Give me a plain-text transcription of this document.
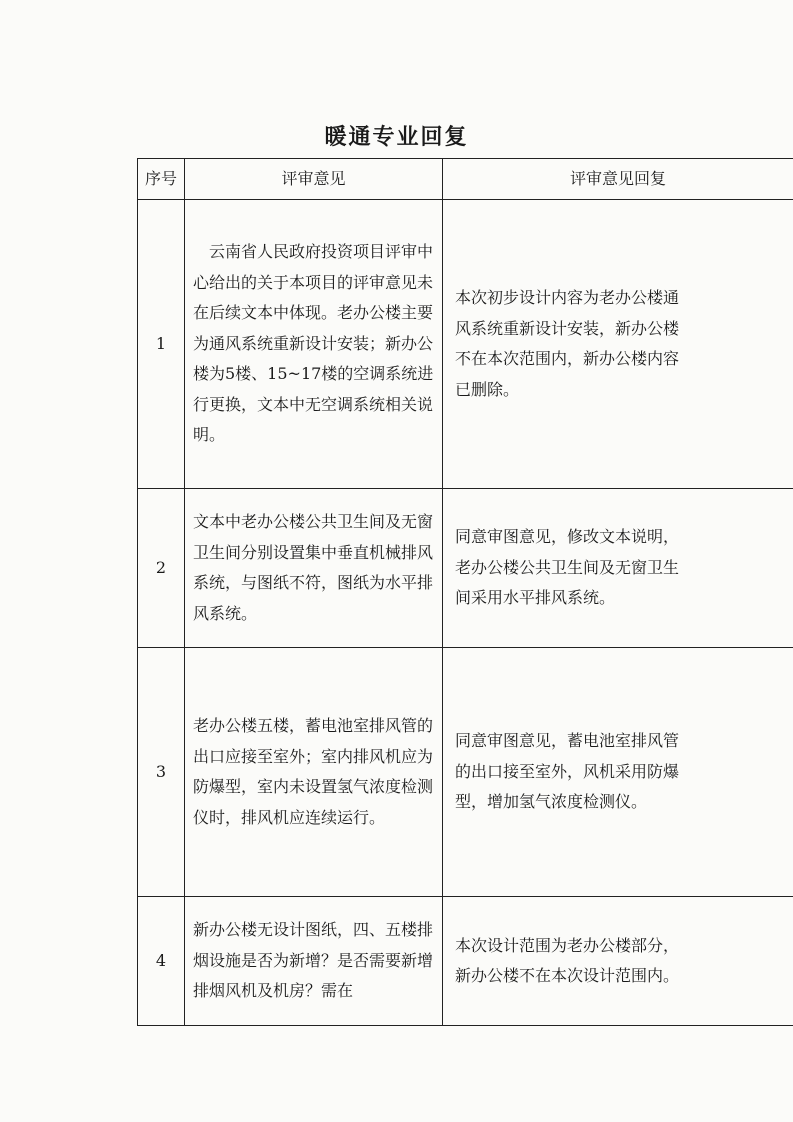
暖通专业回复
序号	评审意见	评审意见回复
1	云南省人民政府投资项目评审中心给出的关于本项目的评审意见未在后续文本中体现。老办公楼主要为通风系统重新设计安装；新办公楼为5楼、15~17楼的空调系统进行更换，文本中无空调系统相关说明。	本次初步设计内容为老办公楼通风系统重新设计安装，新办公楼不在本次范围内，新办公楼内容已删除。

2	文本中老办公楼公共卫生间及无窗卫生间分别设置集中垂直机械排风系统，与图纸不符，图纸为水平排风系统。	同意审图意见，修改文本说明，老办公楼公共卫生间及无窗卫生间采用水平排风系统。

3	老办公楼五楼，蓄电池室排风管的出口应接至室外；室内排风机应为防爆型，室内未设置氢气浓度检测仪时，排风机应连续运行。	同意审图意见，蓄电池室排风管的出口接至室外，风机采用防爆型，增加氢气浓度检测仪。

4	新办公楼无设计图纸，四、五楼排烟设施是否为新增？是否需要新增排烟风机及机房？需在	本次设计范围为老办公楼部分，新办公楼不在本次设计范围内。
